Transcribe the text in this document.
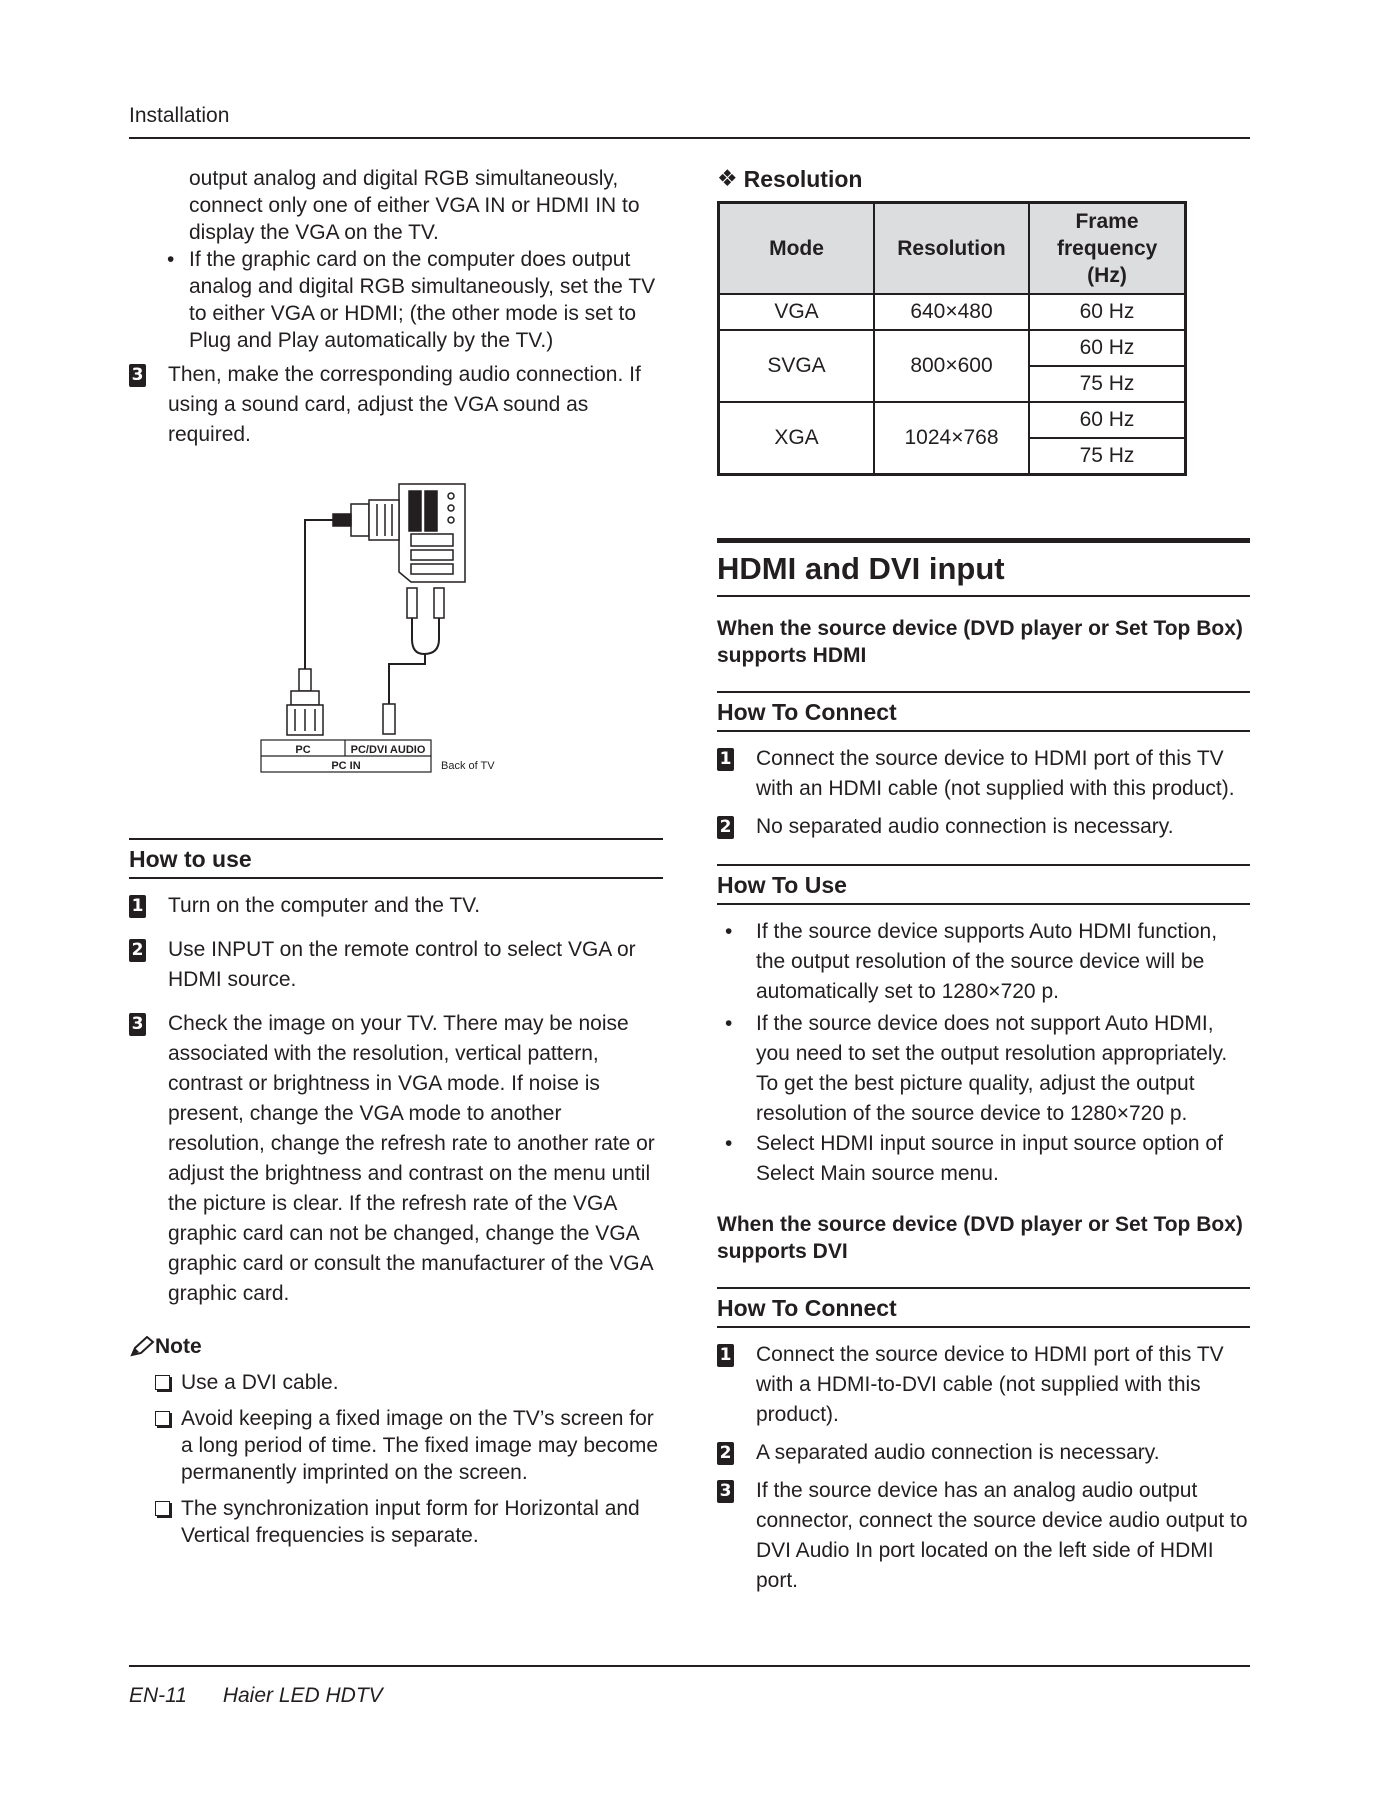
Installation
output analog and digital RGB simultaneously, connect only one of either VGA IN or HDMI IN to display the VGA on the TV.
• If the graphic card on the computer does output analog and digital RGB simultaneously, set the TV to either VGA or HDMI; (the other mode is set to Plug and Play automatically by the TV.)
3 Then, make the corresponding audio connection. If using a sound card, adjust the VGA sound as required.
PC	PC/DVI AUDIO
PC IN	Back of TV
How to use
1 Turn on the computer and the TV.
2 Use INPUT on the remote control to select VGA or HDMI source.
3 Check the image on your TV. There may be noise associated with the resolution, vertical pattern, contrast or brightness in VGA mode. If noise is present, change the VGA mode to another resolution, change the refresh rate to another rate or adjust the brightness and contrast on the menu until the picture is clear. If the refresh rate of the VGA graphic card can not be changed, change the VGA graphic card or consult the manufacturer of the VGA graphic card.
Note
Use a DVI cable.
Avoid keeping a fixed image on the TV’s screen for a long period of time. The fixed image may become permanently imprinted on the screen.
The synchronization input form for Horizontal and Vertical frequencies is separate.
❖ Resolution
Mode	Resolution	Frame frequency (Hz)

VGA	640×480	60 Hz
SVGA	800×600	60 Hz
		75 Hz
XGA	1024×768	60 Hz
		75 Hz
HDMI and DVI input
When the source device (DVD player or Set Top Box) supports HDMI
How To Connect
1 Connect the source device to HDMI port of this TV with an HDMI cable (not supplied with this product).
2 No separated audio connection is necessary.
How To Use
• If the source device supports Auto HDMI function, the output resolution of the source device will be automatically set to 1280×720 p.
• If the source device does not support Auto HDMI, you need to set the output resolution appropriately. To get the best picture quality, adjust the output resolution of the source device to 1280×720 p.
• Select HDMI input source in input source option of Select Main source menu.
When the source device (DVD player or Set Top Box) supports DVI
How To Connect
1 Connect the source device to HDMI port of this TV with a HDMI-to-DVI cable (not supplied with this product).
2 A separated audio connection is necessary.
3 If the source device has an analog audio output connector, connect the source device audio output to DVI Audio In port located on the left side of HDMI port.
EN-11 Haier LED HDTV
